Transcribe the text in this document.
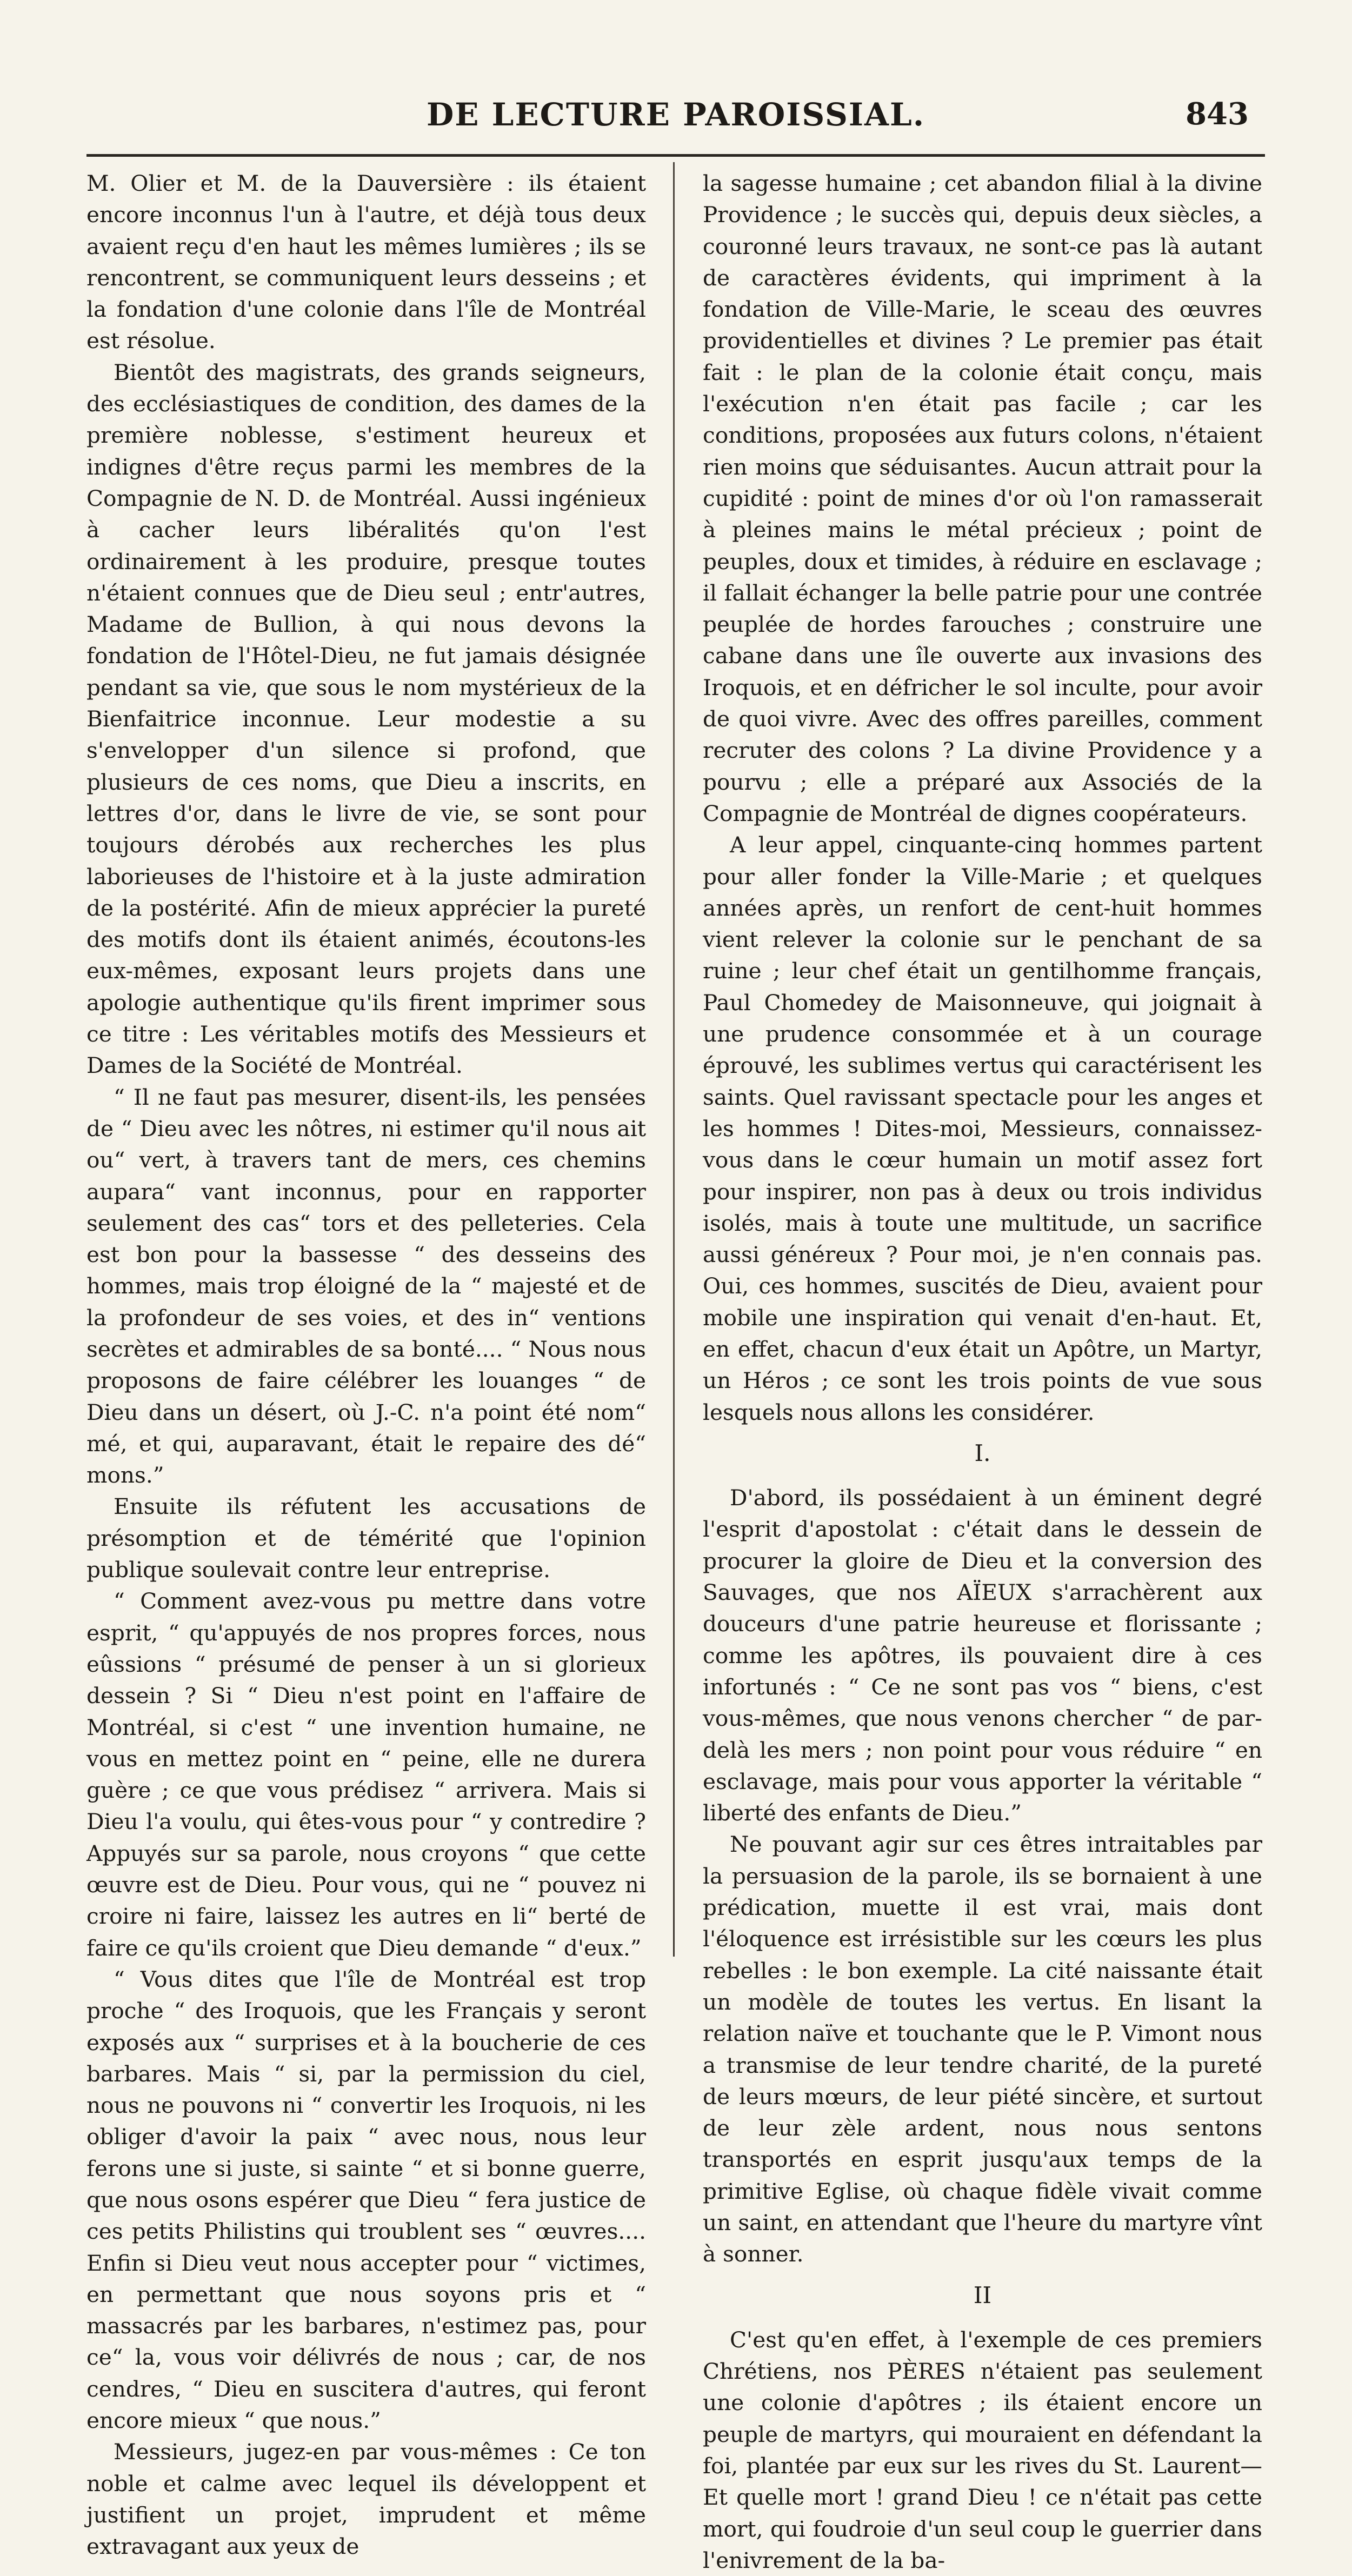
DE LECTURE PAROISSIAL.	843

M. Olier et M. de la Dauversière : ils étaient encore inconnus l'un à l'autre, et déjà tous deux avaient reçu d'en haut les mêmes lumières ; ils se rencontrent, se communiquent leurs desseins ; et la fondation d'une colonie dans l'île de Montréal est résolue.

Bientôt des magistrats, des grands seigneurs, des ecclésiastiques de condition, des dames de la première noblesse, s'estiment heureux et indignes d'être reçus parmi les membres de la Compagnie de N. D. de Montréal. Aussi ingénieux à cacher leurs libéralités qu'on l'est ordinairement à les produire, presque toutes n'étaient connues que de Dieu seul ; entr'autres, Madame de Bullion, à qui nous devons la fondation de l'Hôtel-Dieu, ne fut jamais désignée pendant sa vie, que sous le nom mystérieux de la Bienfaitrice inconnue. Leur modestie a su s'envelopper d'un silence si profond, que plusieurs de ces noms, que Dieu a inscrits, en lettres d'or, dans le livre de vie, se sont pour toujours dérobés aux recherches les plus laborieuses de l'histoire et à la juste admiration de la postérité. Afin de mieux apprécier la pureté des motifs dont ils étaient animés, écoutons-les eux-mêmes, exposant leurs projets dans une apologie authentique qu'ils firent imprimer sous ce titre : Les véritables motifs des Messieurs et Dames de la Société de Montréal.

“ Il ne faut pas mesurer, disent-ils, les pensées de “ Dieu avec les nôtres, ni estimer qu'il nous ait ou“ vert, à travers tant de mers, ces chemins aupara“ vant inconnus, pour en rapporter seulement des cas“ tors et des pelleteries. Cela est bon pour la bassesse “ des desseins des hommes, mais trop éloigné de la “ majesté et de la profondeur de ses voies, et des in“ ventions secrètes et admirables de sa bonté.... “ Nous nous proposons de faire célébrer les louanges “ de Dieu dans un désert, où J.-C. n'a point été nom“ mé, et qui, auparavant, était le repaire des dé“ mons.”

Ensuite ils réfutent les accusations de présomption et de témérité que l'opinion publique soulevait contre leur entreprise.

“ Comment avez-vous pu mettre dans votre esprit, “ qu'appuyés de nos propres forces, nous eûssions “ présumé de penser à un si glorieux dessein ? Si “ Dieu n'est point en l'affaire de Montréal, si c'est “ une invention humaine, ne vous en mettez point en “ peine, elle ne durera guère ; ce que vous prédisez “ arrivera. Mais si Dieu l'a voulu, qui êtes-vous pour “ y contredire ? Appuyés sur sa parole, nous croyons “ que cette œuvre est de Dieu. Pour vous, qui ne “ pouvez ni croire ni faire, laissez les autres en li“ berté de faire ce qu'ils croient que Dieu demande “ d'eux.”

“ Vous dites que l'île de Montréal est trop proche “ des Iroquois, que les Français y seront exposés aux “ surprises et à la boucherie de ces barbares. Mais “ si, par la permission du ciel, nous ne pouvons ni “ convertir les Iroquois, ni les obliger d'avoir la paix “ avec nous, nous leur ferons une si juste, si sainte “ et si bonne guerre, que nous osons espérer que Dieu “ fera justice de ces petits Philistins qui troublent ses “ œuvres.... Enfin si Dieu veut nous accepter pour “ victimes, en permettant que nous soyons pris et “ massacrés par les barbares, n'estimez pas, pour ce“ la, vous voir délivrés de nous ; car, de nos cendres, “ Dieu en suscitera d'autres, qui feront encore mieux “ que nous.”

Messieurs, jugez-en par vous-mêmes : Ce ton noble et calme avec lequel ils développent et justifient un projet, imprudent et même extravagant aux yeux de

la sagesse humaine ; cet abandon filial à la divine Providence ; le succès qui, depuis deux siècles, a couronné leurs travaux, ne sont-ce pas là autant de caractères évidents, qui impriment à la fondation de Ville-Marie, le sceau des œuvres providentielles et divines ? Le premier pas était fait : le plan de la colonie était conçu, mais l'exécution n'en était pas facile ; car les conditions, proposées aux futurs colons, n'étaient rien moins que séduisantes. Aucun attrait pour la cupidité : point de mines d'or où l'on ramasserait à pleines mains le métal précieux ; point de peuples, doux et timides, à réduire en esclavage ; il fallait échanger la belle patrie pour une contrée peuplée de hordes farouches ; construire une cabane dans une île ouverte aux invasions des Iroquois, et en défricher le sol inculte, pour avoir de quoi vivre. Avec des offres pareilles, comment recruter des colons ? La divine Providence y a pourvu ; elle a préparé aux Associés de la Compagnie de Montréal de dignes coopérateurs.

A leur appel, cinquante-cinq hommes partent pour aller fonder la Ville-Marie ; et quelques années après, un renfort de cent-huit hommes vient relever la colonie sur le penchant de sa ruine ; leur chef était un gentilhomme français, Paul Chomedey de Maisonneuve, qui joignait à une prudence consommée et à un courage éprouvé, les sublimes vertus qui caractérisent les saints. Quel ravissant spectacle pour les anges et les hommes ! Dites-moi, Messieurs, connaissez-vous dans le cœur humain un motif assez fort pour inspirer, non pas à deux ou trois individus isolés, mais à toute une multitude, un sacrifice aussi généreux ? Pour moi, je n'en connais pas. Oui, ces hommes, suscités de Dieu, avaient pour mobile une inspiration qui venait d'en-haut. Et, en effet, chacun d'eux était un Apôtre, un Martyr, un Héros ; ce sont les trois points de vue sous lesquels nous allons les considérer.

I.

D'abord, ils possédaient à un éminent degré l'esprit d'apostolat : c'était dans le dessein de procurer la gloire de Dieu et la conversion des Sauvages, que nos AÏEUX s'arrachèrent aux douceurs d'une patrie heureuse et florissante ; comme les apôtres, ils pouvaient dire à ces infortunés : “ Ce ne sont pas vos “ biens, c'est vous-mêmes, que nous venons chercher “ de par-delà les mers ; non point pour vous réduire “ en esclavage, mais pour vous apporter la véritable “ liberté des enfants de Dieu.”

Ne pouvant agir sur ces êtres intraitables par la persuasion de la parole, ils se bornaient à une prédication, muette il est vrai, mais dont l'éloquence est irrésistible sur les cœurs les plus rebelles : le bon exemple. La cité naissante était un modèle de toutes les vertus. En lisant la relation naïve et touchante que le P. Vimont nous a transmise de leur tendre charité, de la pureté de leurs mœurs, de leur piété sincère, et surtout de leur zèle ardent, nous nous sentons transportés en esprit jusqu'aux temps de la primitive Eglise, où chaque fidèle vivait comme un saint, en attendant que l'heure du martyre vînt à sonner.

II

C'est qu'en effet, à l'exemple de ces premiers Chrétiens, nos PÈRES n'étaient pas seulement une colonie d'apôtres ; ils étaient encore un peuple de martyrs, qui mouraient en défendant la foi, plantée par eux sur les rives du St. Laurent—Et quelle mort ! grand Dieu ! ce n'était pas cette mort, qui foudroie d'un seul coup le guerrier dans l'enivrement de la ba-
